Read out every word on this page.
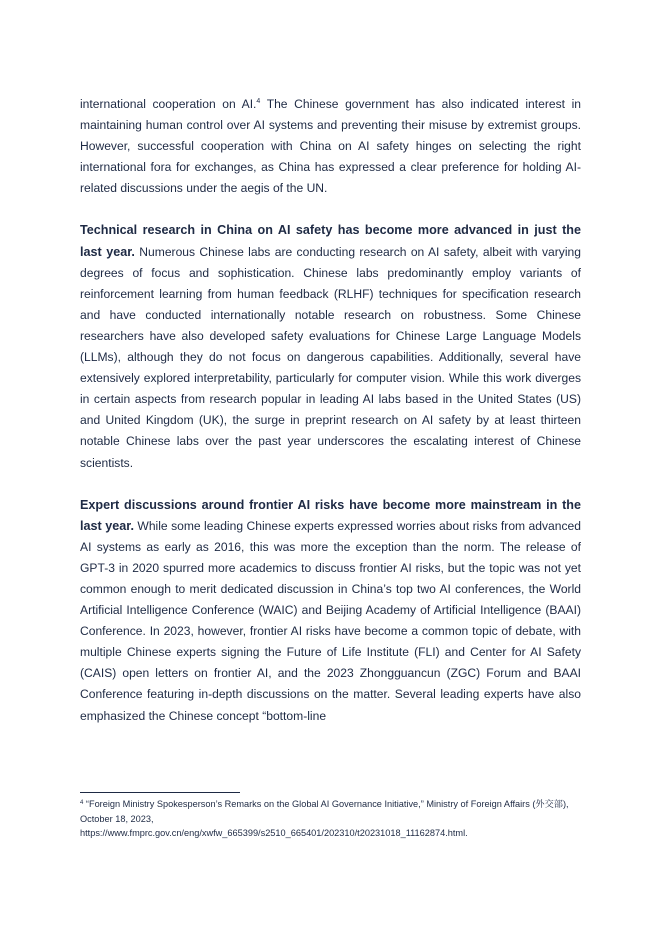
international cooperation on AI.$^4$ The Chinese government has also indicated interest in maintaining human control over AI systems and preventing their misuse by extremist groups. However, successful cooperation with China on AI safety hinges on selecting the right international fora for exchanges, as China has expressed a clear preference for holding AI-related discussions under the aegis of the UN.

Technical research in China on AI safety has become more advanced in just the last year. Numerous Chinese labs are conducting research on AI safety, albeit with varying degrees of focus and sophistication. Chinese labs predominantly employ variants of reinforcement learning from human feedback (RLHF) techniques for specification research and have conducted internationally notable research on robustness. Some Chinese researchers have also developed safety evaluations for Chinese Large Language Models (LLMs), although they do not focus on dangerous capabilities. Additionally, several have extensively explored interpretability, particularly for computer vision. While this work diverges in certain aspects from research popular in leading AI labs based in the United States (US) and United Kingdom (UK), the surge in preprint research on AI safety by at least thirteen notable Chinese labs over the past year underscores the escalating interest of Chinese scientists.

Expert discussions around frontier AI risks have become more mainstream in the last year. While some leading Chinese experts expressed worries about risks from advanced AI systems as early as 2016, this was more the exception than the norm. The release of GPT-3 in 2020 spurred more academics to discuss frontier AI risks, but the topic was not yet common enough to merit dedicated discussion in China’s top two AI conferences, the World Artificial Intelligence Conference (WAIC) and Beijing Academy of Artificial Intelligence (BAAI) Conference. In 2023, however, frontier AI risks have become a common topic of debate, with multiple Chinese experts signing the Future of Life Institute (FLI) and Center for AI Safety (CAIS) open letters on frontier AI, and the 2023 Zhongguancun (ZGC) Forum and BAAI Conference featuring in-depth discussions on the matter. Several leading experts have also emphasized the Chinese concept “bottom-line

$^4$ “Foreign Ministry Spokesperson’s Remarks on the Global AI Governance Initiative,” Ministry of Foreign Affairs (外交部), October 18, 2023,
https://www.fmprc.gov.cn/eng/xwfw_665399/s2510_665401/202310/t20231018_11162874.html.
